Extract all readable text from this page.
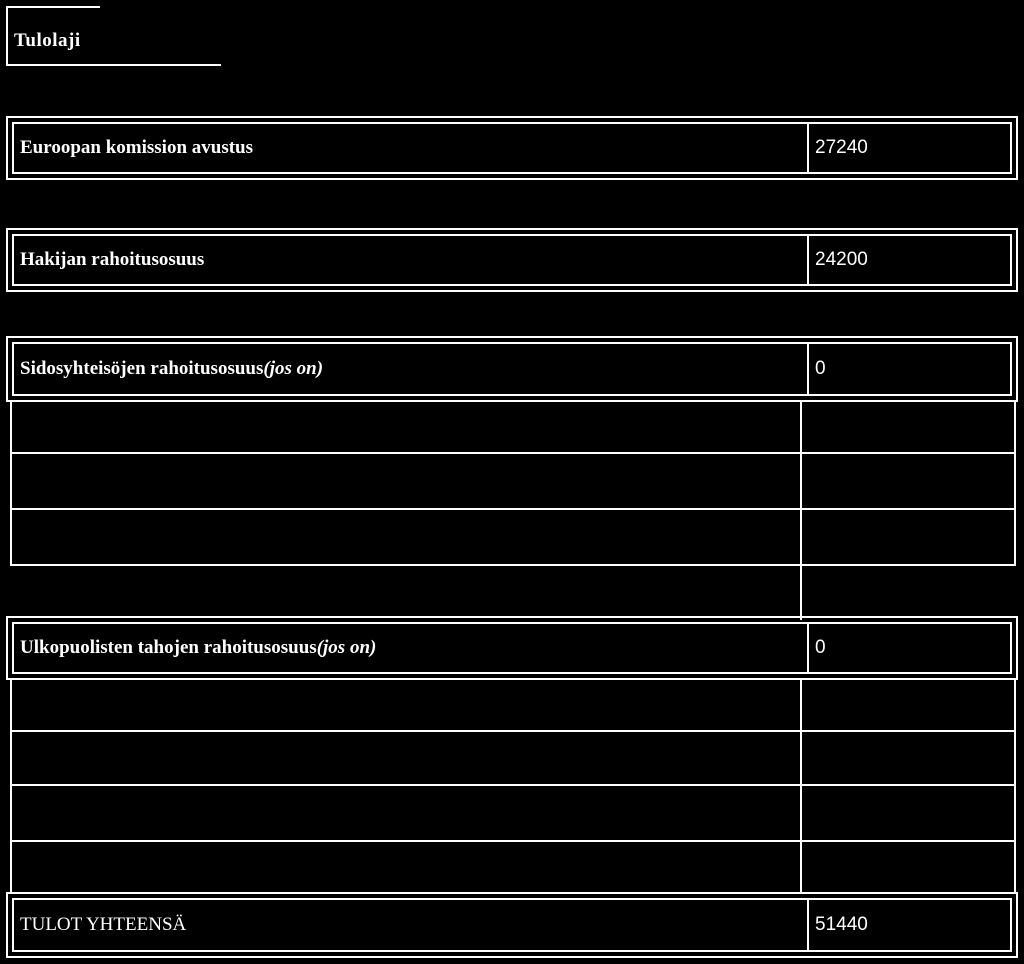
Tulolaji
Euroopan komission avustus	27240
Hakijan rahoitusosuus	24200
Sidosyhteisöjen rahoitusosuus (jos on)	0
Ulkopuolisten tahojen rahoitusosuus (jos on)	0
TULOT YHTEENSÄ	51440
